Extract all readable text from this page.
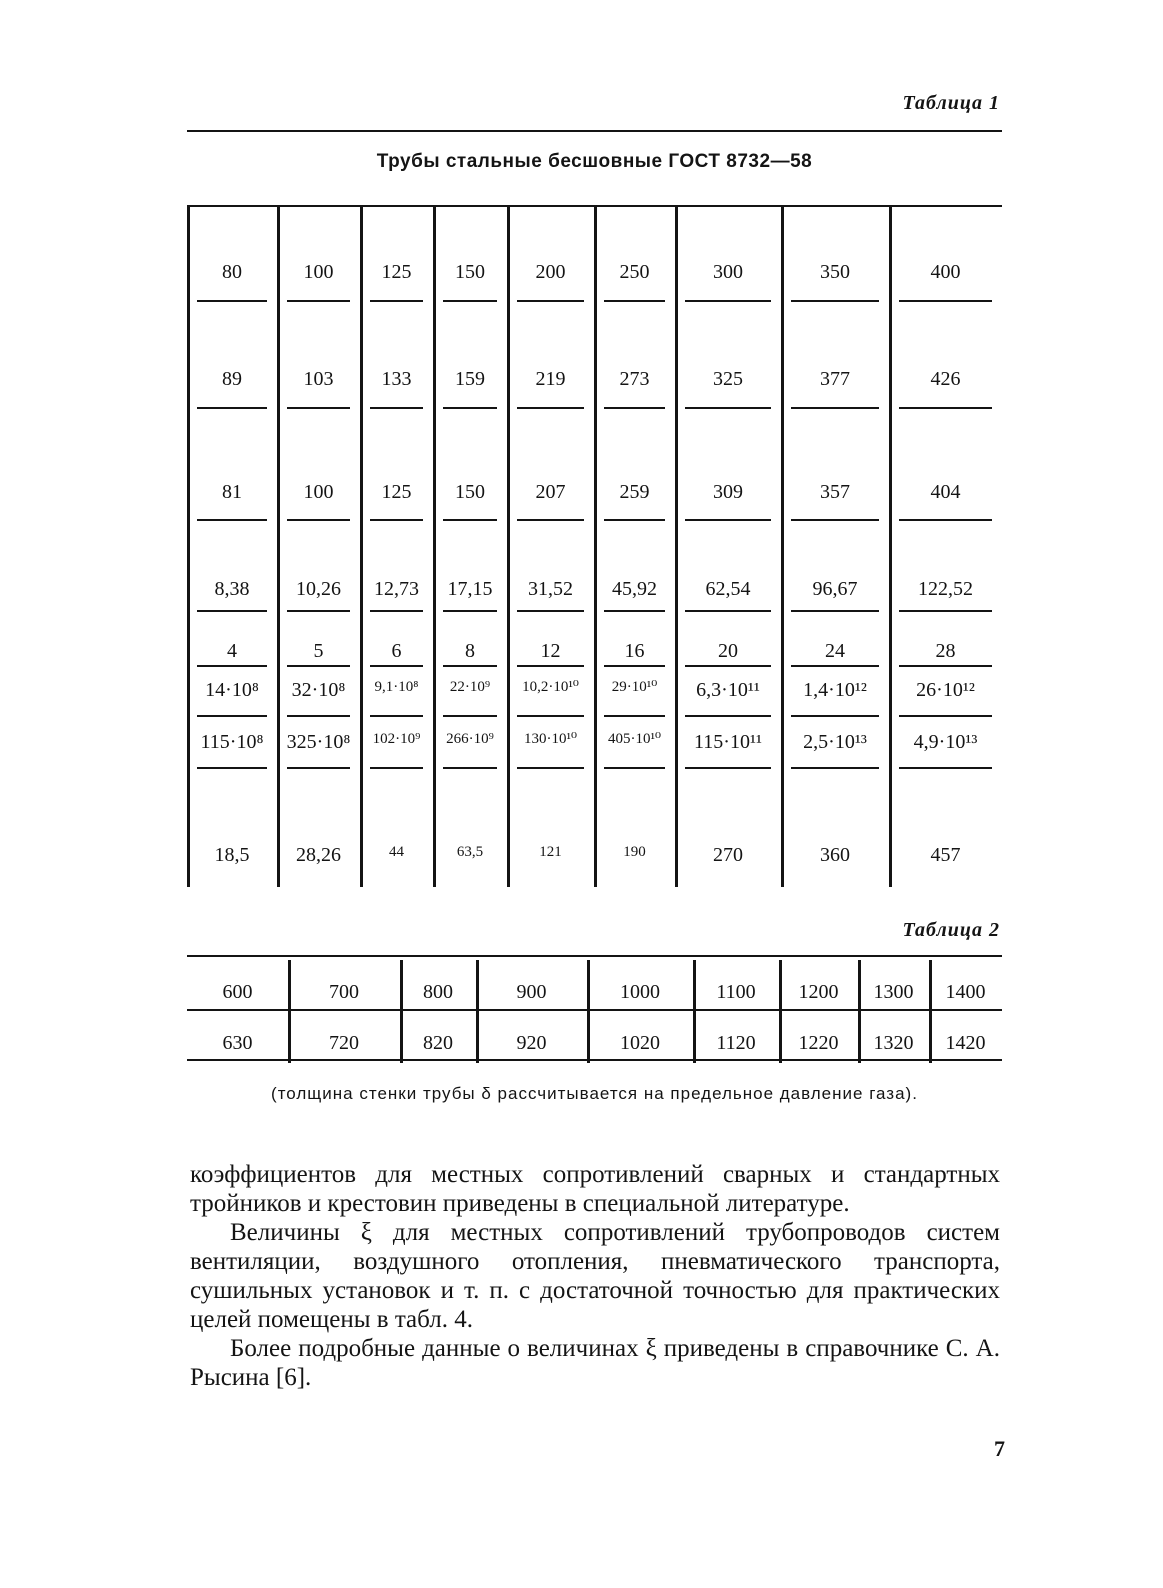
Таблица 1
Трубы стальные бесшовные ГОСТ 8732—58
80	100	125	150	200	250	300	350	400
89	103	133	159	219	273	325	377	426
81	100	125	150	207	259	309	357	404
8,38	10,26	12,73	17,15	31,52	45,92	62,54	96,67	122,52
4	5	6	8	12	16	20	24	28
14·10⁸	32·10⁸	9,1·10⁸	22·10⁹	10,2·10¹⁰	29·10¹⁰	6,3·10¹¹	1,4·10¹²	26·10¹²
115·10⁸	325·10⁸	102·10⁹	266·10⁹	130·10¹⁰	405·10¹⁰	115·10¹¹	2,5·10¹³	4,9·10¹³
18,5	28,26	44	63,5	121	190	270	360	457
Таблица 2
600	700	800	900	1000	1100	1200	1300	1400
630	720	820	920	1020	1120	1220	1320	1420
(толщина стенки трубы δ рассчитывается на предельное давление газа).

коэффициентов для местных сопротивлений сварных и стандартных тройников и крестовин приведены в специальной литературе.

Величины ξ для местных сопротивлений трубопроводов систем вентиляции, воздушного отопления, пневматического транспорта, сушильных установок и т. п. с достаточной точностью для практических целей помещены в табл. 4.

Более подробные данные о величинах ξ приведены в справочнике С. А. Рысина [6].

7
